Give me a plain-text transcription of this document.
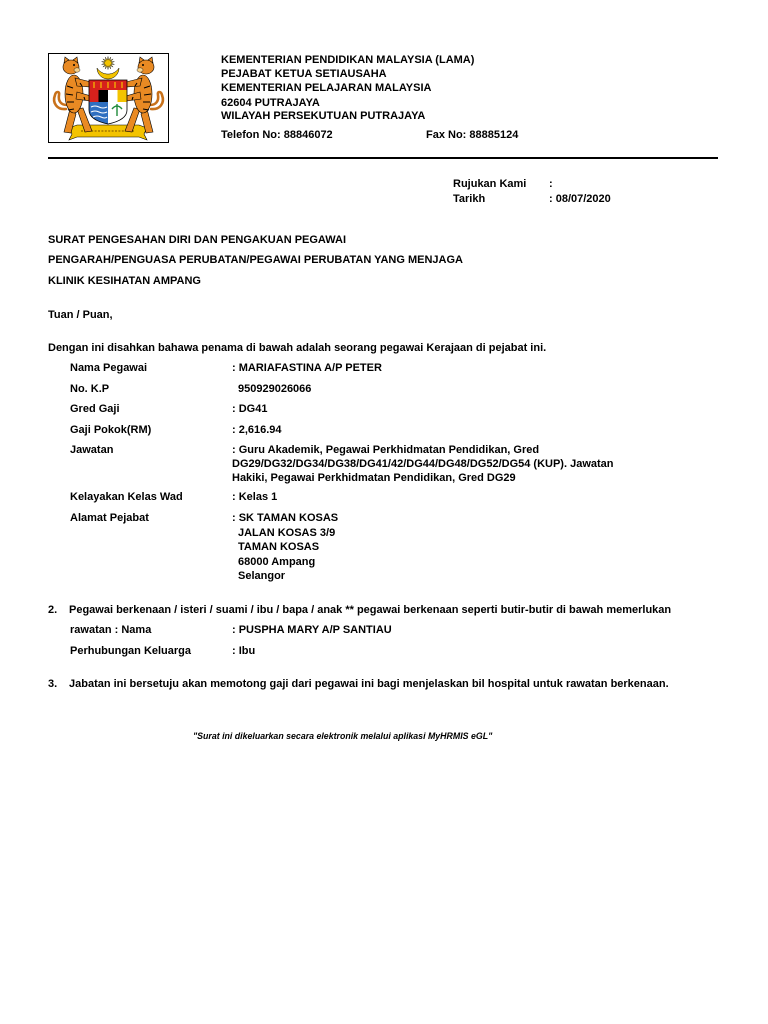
KEMENTERIAN PENDIDIKAN MALAYSIA (LAMA)
PEJABAT KETUA SETIAUSAHA
KEMENTERIAN PELAJARAN MALAYSIA
62604 PUTRAJAYA
WILAYAH PERSEKUTUAN PUTRAJAYA
Telefon No: 88846072	Fax No: 88885124
Rujukan Kami :
Tarikh	: 08/07/2020
SURAT PENGESAHAN DIRI DAN PENGAKUAN PEGAWAI
PENGARAH/PENGUASA PERUBATAN/PEGAWAI PERUBATAN YANG MENJAGA
KLINIK KESIHATAN AMPANG
Tuan / Puan,
Dengan ini disahkan bahawa penama di bawah adalah seorang pegawai Kerajaan di pejabat ini.
Nama Pegawai	: MARIAFASTINA A/P PETER
No. K.P	950929026066
Gred Gaji	: DG41
Gaji Pokok(RM)	: 2,616.94
Jawatan	: Guru Akademik, Pegawai Perkhidmatan Pendidikan, Gred
DG29/DG32/DG34/DG38/DG41/42/DG44/DG48/DG52/DG54 (KUP). Jawatan
Hakiki, Pegawai Perkhidmatan Pendidikan, Gred DG29
Kelayakan Kelas Wad	: Kelas 1
Alamat Pejabat	: SK TAMAN KOSAS
JALAN KOSAS 3/9
TAMAN KOSAS
68000 Ampang
Selangor
2. Pegawai berkenaan / isteri / suami / ibu / bapa / anak ** pegawai berkenaan seperti butir-butir di bawah memerlukan
rawatan : Nama	: PUSPHA MARY A/P SANTIAU
Perhubungan Keluarga	: Ibu
3. Jabatan ini bersetuju akan memotong gaji dari pegawai ini bagi menjelaskan bil hospital untuk rawatan berkenaan.
"Surat ini dikeluarkan secara elektronik melalui aplikasi MyHRMIS eGL"
